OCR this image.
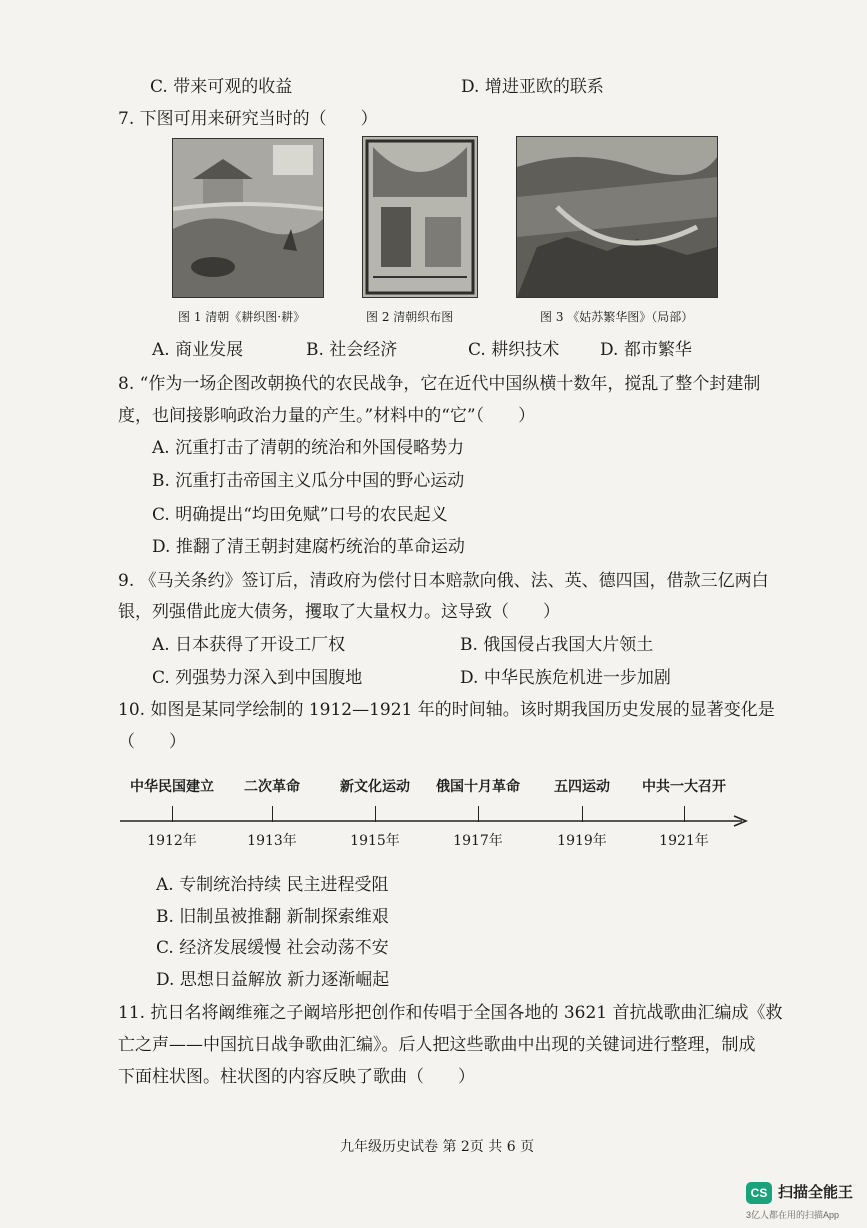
C. 带来可观的收益	D. 增进亚欧的联系
7. 下图可用来研究当时的（　　）
图 1 清朝《耕织图·耕》	图 2 清朝织布图	图 3 《姑苏繁华图》（局部）
A. 商业发展	B. 社会经济	C. 耕织技术 D. 都市繁华
8. “作为一场企图改朝换代的农民战争，它在近代中国纵横十数年，搅乱了整个封建制
度，也间接影响政治力量的产生。”材料中的“它”（　　）
A. 沉重打击了清朝的统治和外国侵略势力
B. 沉重打击帝国主义瓜分中国的野心运动
C. 明确提出“均田免赋”口号的农民起义
D. 推翻了清王朝封建腐朽统治的革命运动
9. 《马关条约》签订后，清政府为偿付日本赔款向俄、法、英、德四国，借款三亿两白
银，列强借此庞大债务，攫取了大量权力。这导致（　　）
A. 日本获得了开设工厂权	B. 俄国侵占我国大片领土
C. 列强势力深入到中国腹地	D. 中华民族危机进一步加剧
10. 如图是某同学绘制的 1912—1921 年的时间轴。该时期我国历史发展的显著变化是
（　　）
中华民国建立 二次革命	新文化运动 俄国十月革命 五四运动 中共一大召开
1912年	1913年	1915年	1917年	1919年	1921年
A. 专制统治持续 民主进程受阻
B. 旧制虽被推翻 新制探索维艰
C. 经济发展缓慢 社会动荡不安
D. 思想日益解放 新力逐渐崛起
11. 抗日名将阚维雍之子阚培彤把创作和传唱于全国各地的 3621 首抗战歌曲汇编成《救
亡之声——中国抗日战争歌曲汇编》。后人把这些歌曲中出现的关键词进行整理，制成
下面柱状图。柱状图的内容反映了歌曲（　　）
九年级历史试卷 第 2页 共 6 页
CS 扫描全能王
3亿人都在用的扫描App
